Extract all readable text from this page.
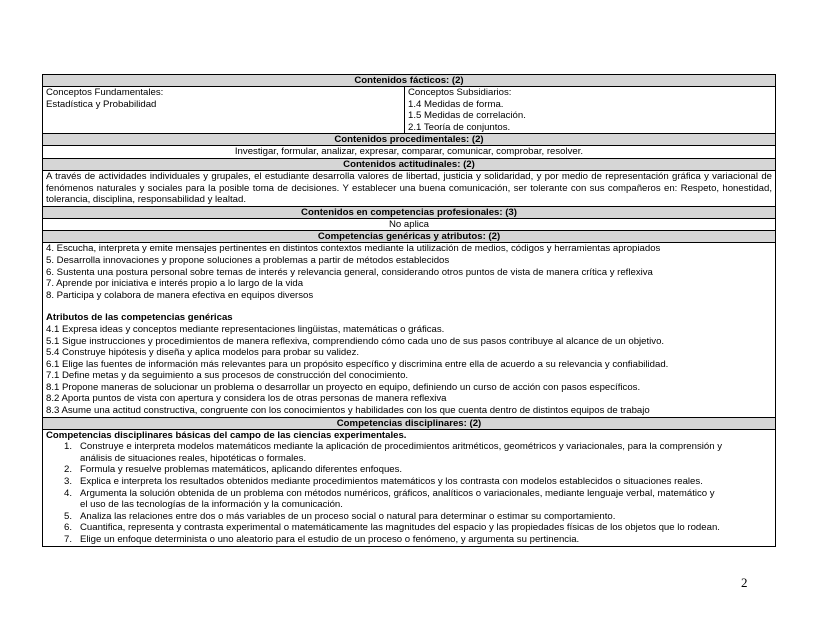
Contenidos fácticos: (2)
Conceptos Fundamentales:
Estadística y Probabilidad
Conceptos Subsidiarios:
1.4 Medidas de forma.
1.5 Medidas de correlación.
2.1 Teoría de conjuntos.
Contenidos procedimentales: (2)
Investigar, formular, analizar, expresar, comparar, comunicar, comprobar, resolver.
Contenidos actitudinales: (2)
A través de actividades individuales y grupales, el estudiante desarrolla valores de libertad, justicia y solidaridad, y por medio de representación gráfica y variacional de fenómenos naturales y sociales para la posible toma de decisiones. Y establecer una buena comunicación, ser tolerante con sus compañeros en: Respeto, honestidad, tolerancia, disciplina, responsabilidad y lealtad.
Contenidos en competencias profesionales: (3)
No aplica
Competencias genéricas y atributos: (2)
4. Escucha, interpreta y emite mensajes pertinentes en distintos contextos mediante la utilización de medios, códigos y herramientas apropiados
5. Desarrolla innovaciones y propone soluciones a problemas a partir de métodos establecidos
6. Sustenta una postura personal sobre temas de interés y relevancia general, considerando otros puntos de vista de manera crítica y reflexiva
7. Aprende por iniciativa e interés propio a lo largo de la vida
8. Participa y colabora de manera efectiva en equipos diversos
Atributos de las competencias genéricas
4.1 Expresa ideas y conceptos mediante representaciones lingüistas, matemáticas o gráficas.
5.1 Sigue instrucciones y procedimientos de manera reflexiva, comprendiendo cómo cada uno de sus pasos contribuye al alcance de un objetivo.
5.4 Construye hipótesis y diseña y aplica modelos para probar su validez.
6.1 Elige las fuentes de información más relevantes para un propósito específico y discrimina entre ella de acuerdo a su relevancia y confiabilidad.
7.1 Define metas y da seguimiento a sus procesos de construcción del conocimiento.
8.1 Propone maneras de solucionar un problema o desarrollar un proyecto en equipo, definiendo un curso de acción con pasos específicos.
8.2 Aporta puntos de vista con apertura y considera los de otras personas de manera reflexiva
8.3 Asume una actitud constructiva, congruente con los conocimientos y habilidades con los que cuenta dentro de distintos equipos de trabajo
Competencias disciplinares: (2)
Competencias disciplinares básicas del campo de las ciencias experimentales.
1. Construye e interpreta modelos matemáticos mediante la aplicación de procedimientos aritméticos, geométricos y variacionales, para la comprensión y
análisis de situaciones reales, hipotéticas o formales.
2. Formula y resuelve problemas matemáticos, aplicando diferentes enfoques.
3. Explica e interpreta los resultados obtenidos mediante procedimientos matemáticos y los contrasta con modelos establecidos o situaciones reales.
4. Argumenta la solución obtenida de un problema con métodos numéricos, gráficos, analíticos o variacionales, mediante lenguaje verbal, matemático y
el uso de las tecnologías de la información y la comunicación.
5. Analiza las relaciones entre dos o más variables de un proceso social o natural para determinar o estimar su comportamiento.
6. Cuantifica, representa y contrasta experimental o matemáticamente las magnitudes del espacio y las propiedades físicas de los objetos que lo rodean.
7. Elige un enfoque determinista o uno aleatorio para el estudio de un proceso o fenómeno, y argumenta su pertinencia.
2
